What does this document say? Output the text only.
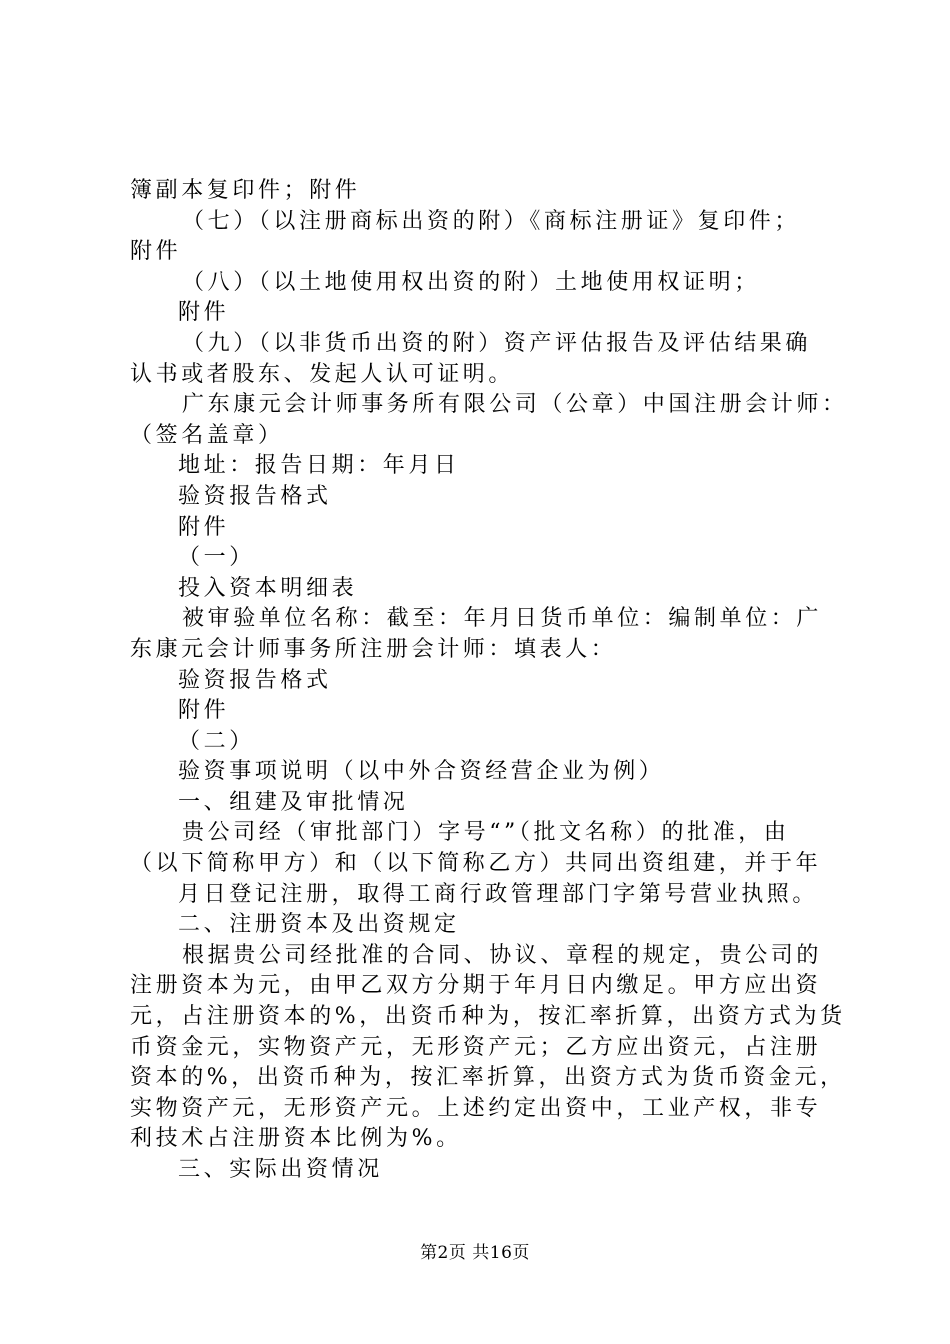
簿副本复印件；附件
（七）（以注册商标出资的附）《商标注册证》复印件；
附件
（八）（以土地使用权出资的附）土地使用权证明；
附件
（九）（以非货币出资的附）资产评估报告及评估结果确
认书或者股东、发起人认可证明。
广东康元会计师事务所有限公司（公章）中国注册会计师：
（签名盖章）
地址：报告日期：年月日
验资报告格式
附件
（一）
投入资本明细表
被审验单位名称：截至：年月日货币单位：编制单位：广
东康元会计师事务所注册会计师：填表人：
验资报告格式
附件
（二）
验资事项说明（以中外合资经营企业为例）
一、组建及审批情况
贵公司经（审批部门）字号“”（批文名称）的批准，由
（以下简称甲方）和（以下简称乙方）共同出资组建，并于年
月日登记注册，取得工商行政管理部门字第号营业执照。
二、注册资本及出资规定
根据贵公司经批准的合同、协议、章程的规定，贵公司的
注册资本为元，由甲乙双方分期于年月日内缴足。甲方应出资
元，占注册资本的%，出资币种为，按汇率折算，出资方式为货
币资金元，实物资产元，无形资产元；乙方应出资元，占注册
资本的%，出资币种为，按汇率折算，出资方式为货币资金元，
实物资产元，无形资产元。上述约定出资中，工业产权，非专
利技术占注册资本比例为%。
三、实际出资情况
第2页 共16页
